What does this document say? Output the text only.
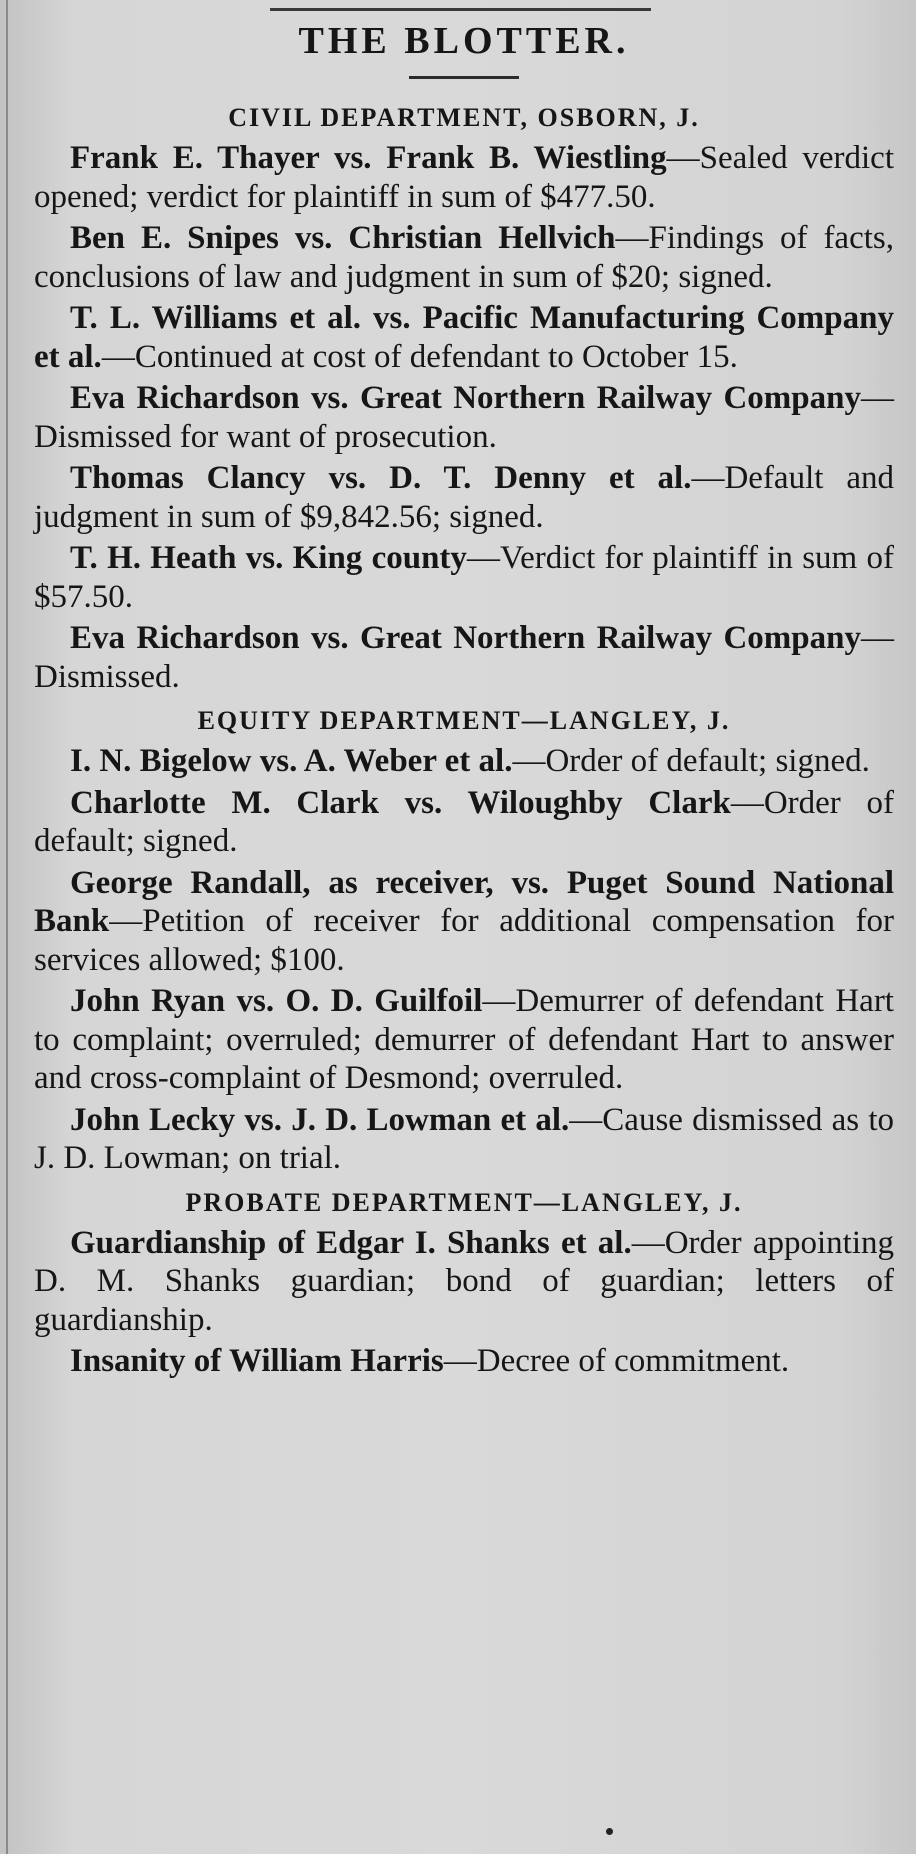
THE BLOTTER.
CIVIL DEPARTMENT, OSBORN, J.

Frank E. Thayer vs. Frank B. Wiestling—Sealed verdict opened; verdict for plaintiff in sum of $477.50.

Ben E. Snipes vs. Christian Hellvich—Findings of facts, conclusions of law and judgment in sum of $20; signed.

T. L. Williams et al. vs. Pacific Manufacturing Company et al.—Continued at cost of defendant to October 15.

Eva Richardson vs. Great Northern Railway Company—Dismissed for want of prosecution.

Thomas Clancy vs. D. T. Denny et al.—Default and judgment in sum of $9,842.56; signed.

T. H. Heath vs. King county—Verdict for plaintiff in sum of $57.50.

Eva Richardson vs. Great Northern Railway Company—Dismissed.

EQUITY DEPARTMENT—LANGLEY, J.

I. N. Bigelow vs. A. Weber et al.—Order of default; signed.

Charlotte M. Clark vs. Wiloughby Clark—Order of default; signed.

George Randall, as receiver, vs. Puget Sound National Bank—Petition of receiver for additional compensation for services allowed; $100.

John Ryan vs. O. D. Guilfoil—Demurrer of defendant Hart to complaint; overruled; demurrer of defendant Hart to answer and cross-complaint of Desmond; overruled.

John Lecky vs. J. D. Lowman et al.—Cause dismissed as to J. D. Lowman; on trial.

PROBATE DEPARTMENT—LANGLEY, J.

Guardianship of Edgar I. Shanks et al.—Order appointing D. M. Shanks guardian; bond of guardian; letters of guardianship.

Insanity of William Harris—Decree of commitment.
